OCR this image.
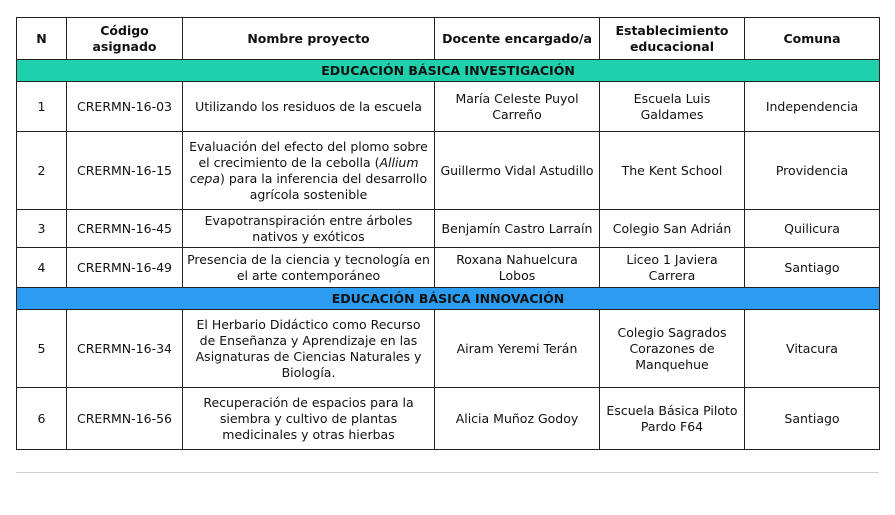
N	Código asignado	Nombre proyecto	Docente encargado/a	Establecimiento educacional	Comuna
EDUCACIÓN BÁSICA INVESTIGACIÓN					
1	CRERMN-16-03	Utilizando los residuos de la escuela	María Celeste Puyol Carreño	Escuela Luis Galdames	Independencia
2	CRERMN-16-15	Evaluación del efecto del plomo sobre el crecimiento de la cebolla (Allium cepa) para la inferencia del desarrollo agrícola sostenible	Guillermo Vidal Astudillo	The Kent School	Providencia
3	CRERMN-16-45	Evapotranspiración entre árboles nativos y exóticos	Benjamín Castro Larraín	Colegio San Adrián	Quilicura
4	CRERMN-16-49	Presencia de la ciencia y tecnología en el arte contemporáneo	Roxana Nahuelcura Lobos	Liceo 1 Javiera Carrera	Santiago
EDUCACIÓN BÁSICA INNOVACIÓN					
5	CRERMN-16-34	El Herbario Didáctico como Recurso de Enseñanza y Aprendizaje en las Asignaturas de Ciencias Naturales y Biología.	Airam Yeremi Terán	Colegio Sagrados Corazones de Manquehue	Vitacura
6	CRERMN-16-56	Recuperación de espacios para la siembra y cultivo de plantas medicinales y otras hierbas	Alicia Muñoz Godoy	Escuela Básica Piloto Pardo F64	Santiago
